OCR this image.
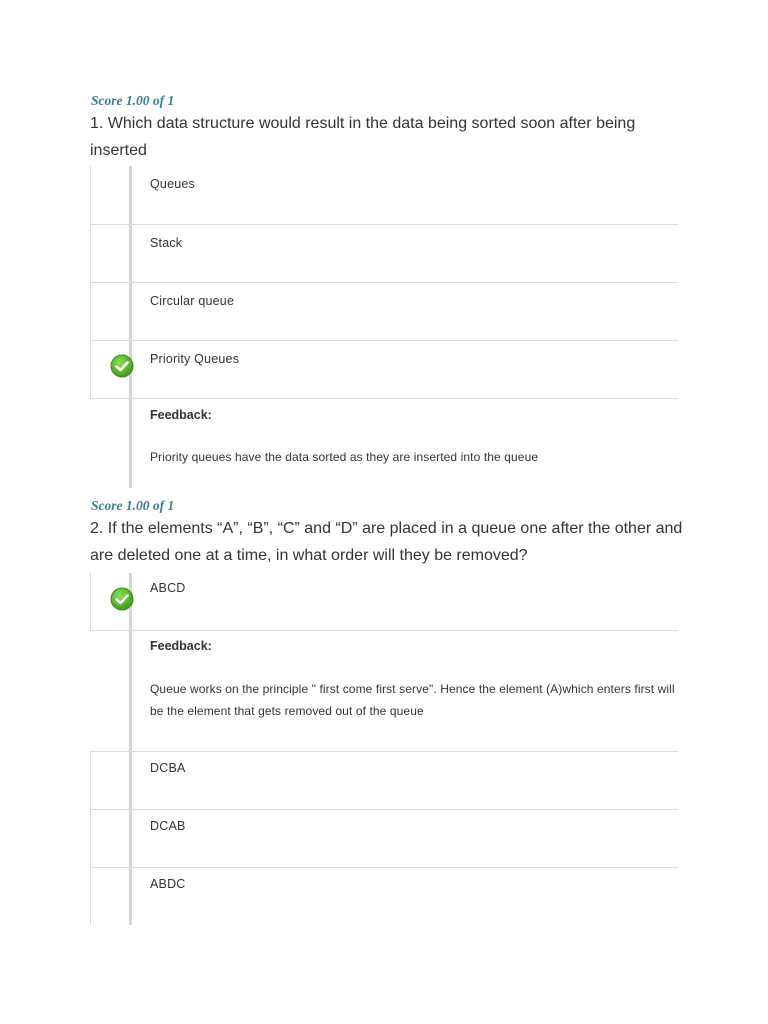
Score 1.00 of 1
1. Which data structure would result in the data being sorted soon after being inserted
Queues
Stack
Circular queue
Priority Queues
Feedback:
Priority queues have the data sorted as they are inserted into the queue
Score 1.00 of 1
2. If the elements “A”, “B”, “C” and “D” are placed in a queue one after the other and are deleted one at a time, in what order will they be removed?
ABCD
Feedback:
Queue works on the principle " first come first serve". Hence the element (A)which enters first will be the element that gets removed out of the queue
DCBA
DCAB
ABDC
